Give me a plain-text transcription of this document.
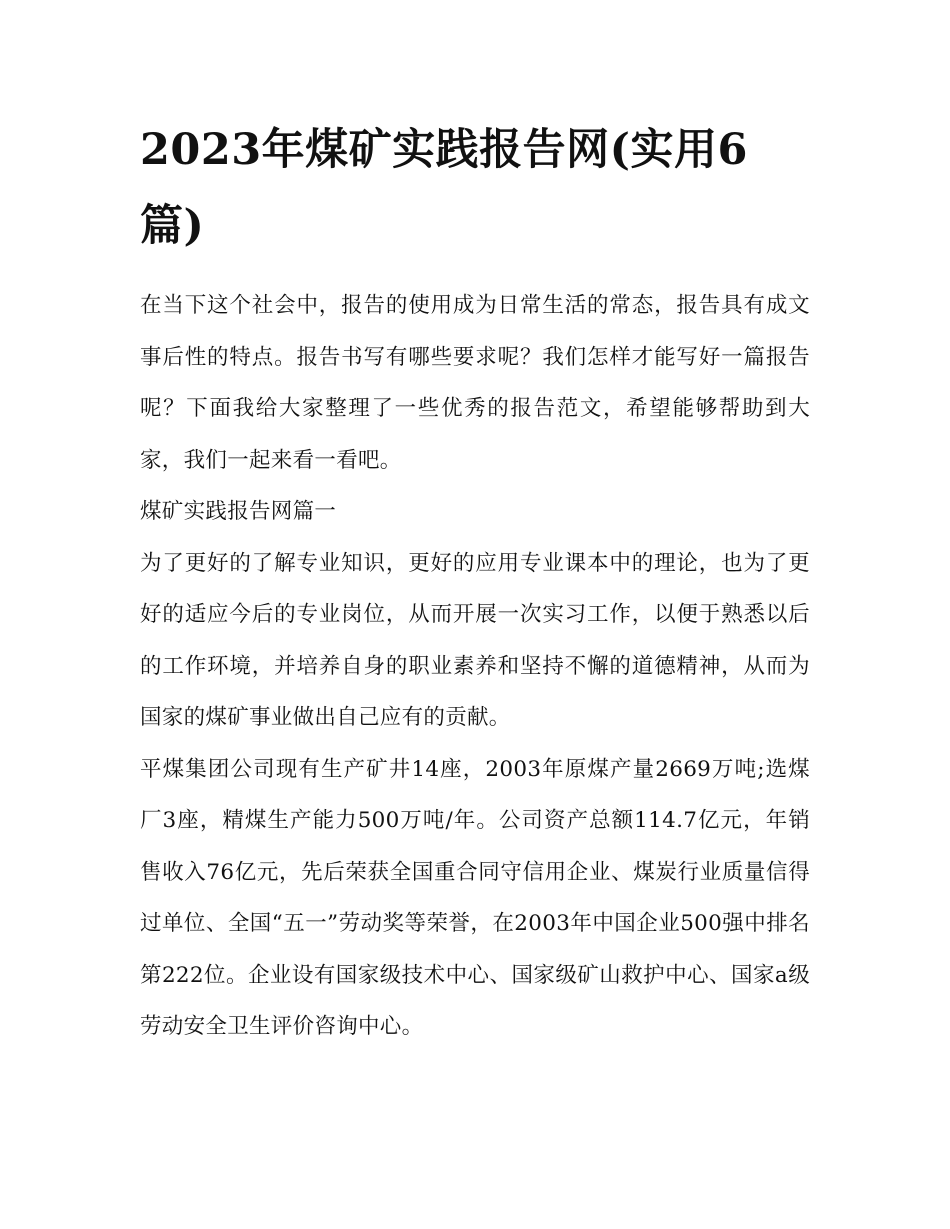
2023年煤矿实践报告网(实用6篇)

在当下这个社会中，报告的使用成为日常生活的常态，报告具有成文事后性的特点。报告书写有哪些要求呢？我们怎样才能写好一篇报告呢？下面我给大家整理了一些优秀的报告范文，希望能够帮助到大家，我们一起来看一看吧。

煤矿实践报告网篇一

为了更好的了解专业知识，更好的应用专业课本中的理论，也为了更好的适应今后的专业岗位，从而开展一次实习工作，以便于熟悉以后的工作环境，并培养自身的职业素养和坚持不懈的道德精神，从而为国家的煤矿事业做出自己应有的贡献。

平煤集团公司现有生产矿井14座，2003年原煤产量2669万吨;选煤厂3座，精煤生产能力500万吨/年。公司资产总额114.7亿元，年销售收入76亿元，先后荣获全国重合同守信用企业、煤炭行业质量信得过单位、全国“五一”劳动奖等荣誉，在2003年中国企业500强中排名第222位。企业设有国家级技术中心、国家级矿山救护中心、国家a级劳动安全卫生评价咨询中心。
